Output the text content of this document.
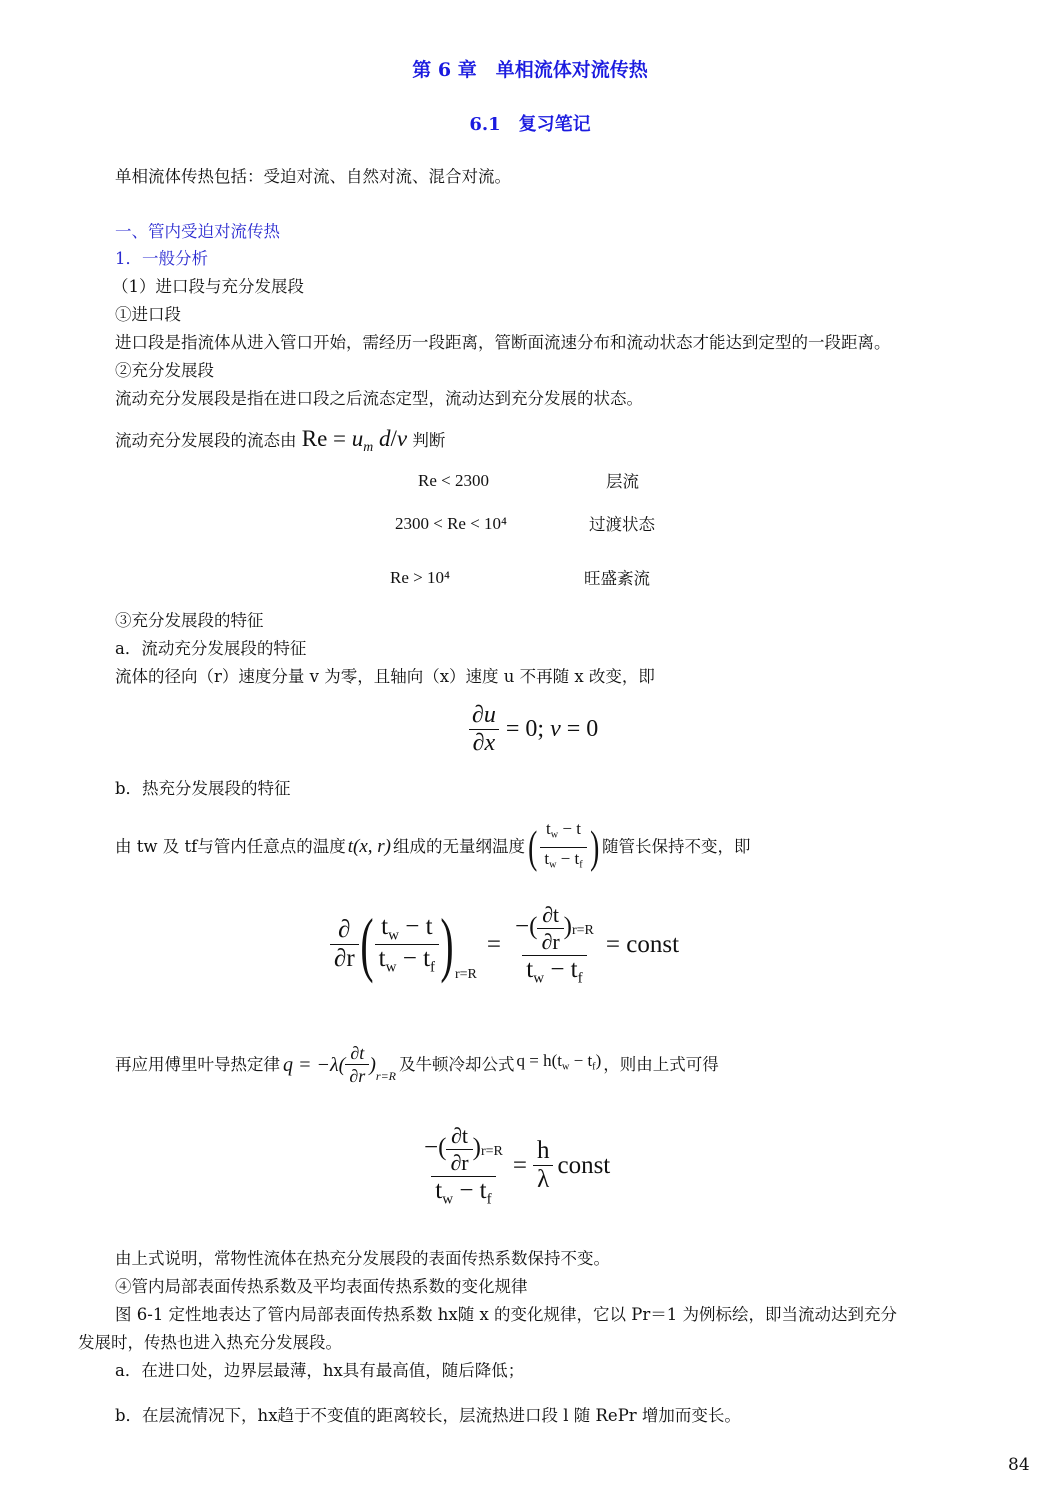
第 6 章　单相流体对流传热
6.1　复习笔记
单相流体传热包括：受迫对流、自然对流、混合对流。
一、管内受迫对流传热
1．一般分析
（1）进口段与充分发展段
①进口段
进口段是指流体从进入管口开始，需经历一段距离，管断面流速分布和流动状态才能达到定型的一段距离。
②充分发展段
流动充分发展段是指在进口段之后流态定型，流动达到充分发展的状态。
流动充分发展段的流态由 $Re = u_m$ d/ν 判断
Re < 2300	层流
2300 < Re < 10⁴	过渡状态
Re > 10⁴	旺盛紊流
③充分发展段的特征
a．流动充分发展段的特征
流体的径向（r）速度分量 v 为零，且轴向（x）速度 u 不再随 x 改变，即
$\frac{\partial u}{\partial x} = 0$; v = 0
b．热充分发展段的特征
由 tw 及 tf与管内任意点的温度 t(x, r) 组成的无量纲温度 ( $\frac{t_w - t}{t_w - t_f}$ ) 随管长保持不变，即
$\frac{\partial}{\partial r}$ ( $\frac{t_w - t}{t_w - t_f}$ ) r=R
= $\frac{-( \frac{\partial t}{\partial r} )r=R}{t_w - t_f}$ = const
再应用傅里叶导热定律 $q = -\lambda( \frac{\partial t}{\partial r}$ )
r=R
及牛顿冷却公式 $q = h(t_w - t_f)$ ，则由上式可得
$\frac{-( \frac{\partial t}{\partial r} )r=R}{t_w - t_f} = \frac{h}{\lambda}$ const
由上式说明，常物性流体在热充分发展段的表面传热系数保持不变。
④管内局部表面传热系数及平均表面传热系数的变化规律
图 6-1 定性地表达了管内局部表面传热系数 hx随 x 的变化规律，它以 Pr＝1 为例标绘，即当流动达到充分
发展时，传热也进入热充分发展段。
a．在进口处，边界层最薄，hx具有最高值，随后降低；
b．在层流情况下，hx趋于不变值的距离较长，层流热进口段 l 随 RePr 增加而变长。
84
